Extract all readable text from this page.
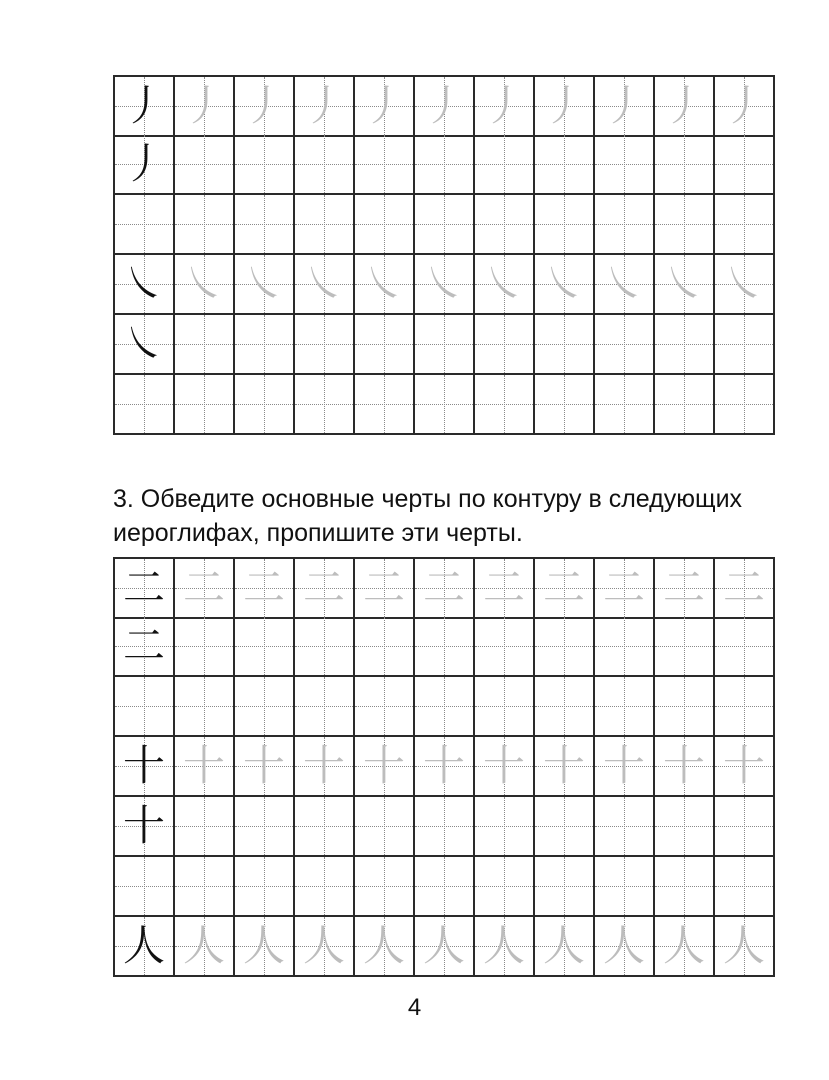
丿 丿 丿 丿 丿 丿 丿 丿 丿 丿 丿
丿
㇏ ㇏ ㇏ ㇏ ㇏ ㇏ ㇏ ㇏ ㇏ ㇏ ㇏
㇏

3. Обведите основные черты по контуру в следующих иероглифах, пропишите эти черты.

二 二 二 二 二 二 二 二 二 二 二
二
十 十 十 十 十 十 十 十 十 十 十
十
人 人 人 人 人 人 人 人 人 人 人
4
